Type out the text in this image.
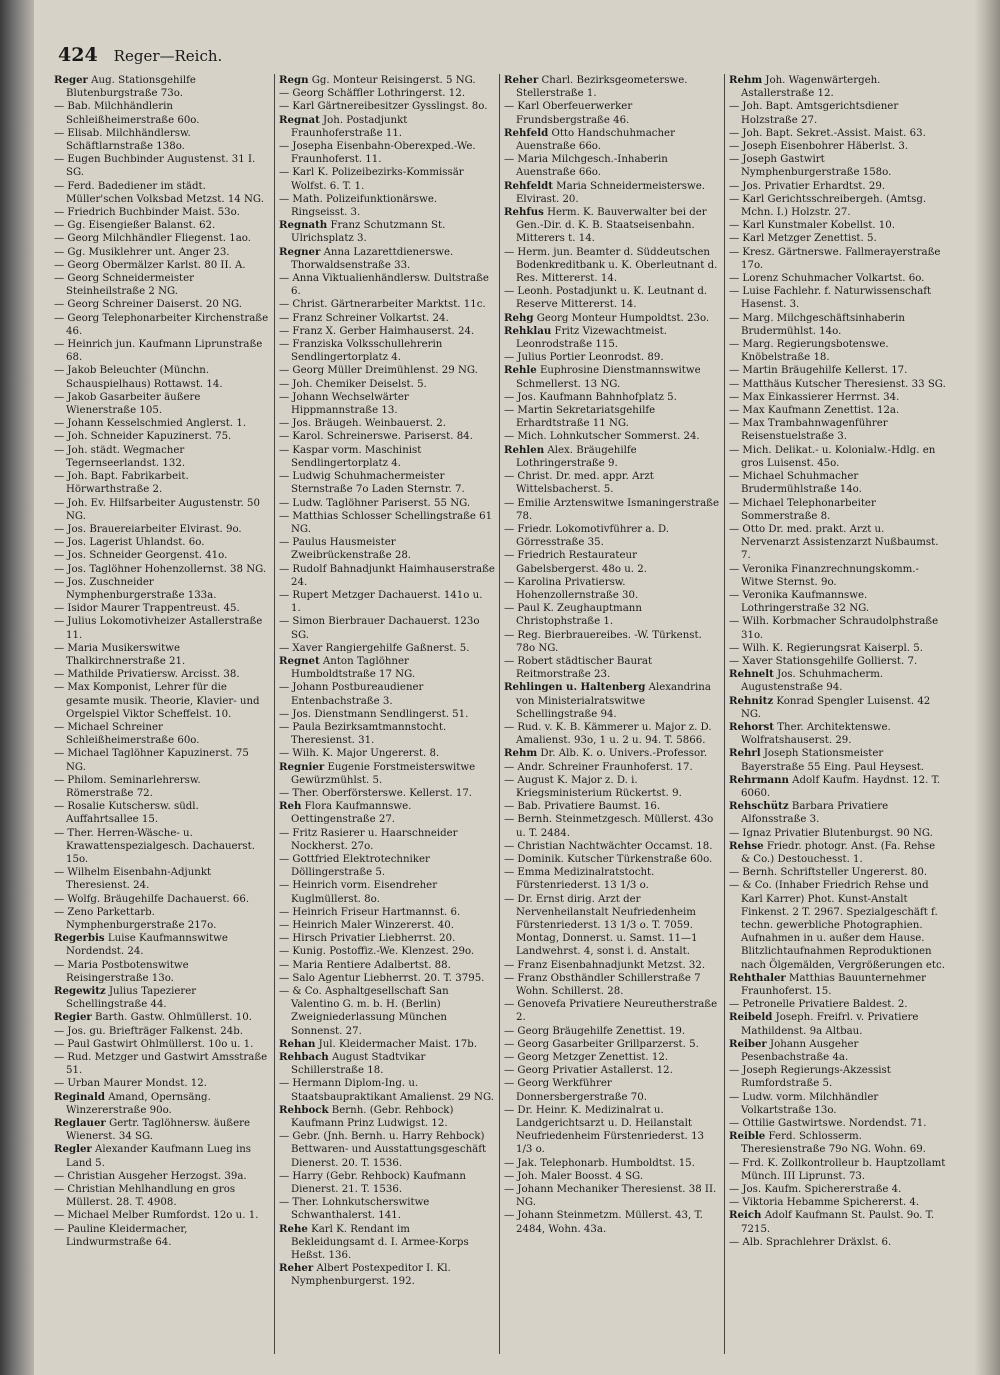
424 Reger—Reich.

Reger Aug. Stationsgehilfe Blutenburgstraße 73o.

— Bab. Milchhändlerin Schleißheimerstraße 60o.

— Elisab. Milchhändlersw. Schäftlarnstraße 138o.

— Eugen Buchbinder Augustenst. 31 I. SG.

— Ferd. Badediener im städt. Müller'schen Volksbad Metzst. 14 NG.

— Friedrich Buchbinder Maist. 53o.

— Gg. Eisengießer Balanst. 62.

— Georg Milchhändler Fliegenst. 1ao.

— Gg. Musiklehrer unt. Anger 23.

— Georg Obermälzer Karlst. 80 II. A.

— Georg Schneidermeister Steinheilstraße 2 NG.

— Georg Schreiner Daiserst. 20 NG.

— Georg Telephonarbeiter Kirchenstraße 46.

— Heinrich jun. Kaufmann Liprunstraße 68.

— Jakob Beleuchter (Münchn. Schauspielhaus) Rottawst. 14.

— Jakob Gasarbeiter äußere Wienerstraße 105.

— Johann Kesselschmied Anglerst. 1.

— Joh. Schneider Kapuzinerst. 75.

— Joh. städt. Wegmacher Tegernseerlandst. 132.

— Joh. Bapt. Fabrikarbeit. Hörwarthstraße 2.

— Joh. Ev. Hilfsarbeiter Augustenstr. 50 NG.

— Jos. Brauereiarbeiter Elvirast. 9o.

— Jos. Lagerist Uhlandst. 6o.

— Jos. Schneider Georgenst. 41o.

— Jos. Taglöhner Hohenzollernst. 38 NG.

— Jos. Zuschneider Nymphenburgerstraße 133a.

— Isidor Maurer Trappentreust. 45.

— Julius Lokomotivheizer Astallerstraße 11.

— Maria Musikerswitwe Thalkirchnerstraße 21.

— Mathilde Privatiersw. Arcisst. 38.

— Max Komponist, Lehrer für die gesamte musik. Theorie, Klavier- und Orgelspiel Viktor Scheffelst. 10.

— Michael Schreiner Schleißheimerstraße 60o.

— Michael Taglöhner Kapuzinerst. 75 NG.

— Philom. Seminarlehrersw. Römerstraße 72.

— Rosalie Kutschersw. südl. Auffahrtsallee 15.

— Ther. Herren-Wäsche- u. Krawattenspezialgesch. Dachauerst. 15o.

— Wilhelm Eisenbahn-Adjunkt Theresienst. 24.

— Wolfg. Bräugehilfe Dachauerst. 66.

— Zeno Parkettarb. Nymphenburgerstraße 217o.

Regerbis Luise Kaufmannswitwe Nordendst. 24.

— Maria Postbotenswitwe Reisingerstraße 13o.

Regewitz Julius Tapezierer Schellingstraße 44.

Regier Barth. Gastw. Ohlmüllerst. 10.

— Jos. gu. Briefträger Falkenst. 24b.

— Paul Gastwirt Ohlmüllerst. 10o u. 1.

— Rud. Metzger und Gastwirt Amsstraße 51.

— Urban Maurer Mondst. 12.

Reginald Amand, Opernsäng. Winzererstraße 90o.

Reglauer Gertr. Taglöhnersw. äußere Wienerst. 34 SG.

Regler Alexander Kaufmann Lueg ins Land 5.

— Christian Ausgeher Herzogst. 39a.

— Christian Mehlhandlung en gros Müllerst. 28. T. 4908.

— Michael Melber Rumfordst. 12o u. 1.

— Pauline Kleidermacher, Lindwurmstraße 64.

Regn Gg. Monteur Reisingerst. 5 NG.

— Georg Schäffler Lothringerst. 12.

— Karl Gärtnereibesitzer Gysslingst. 8o.

Regnat Joh. Postadjunkt Fraunhoferstraße 11.

— Josepha Eisenbahn-Oberexped.-We. Fraunhoferst. 11.

— Karl K. Polizeibezirks-Kommissär Wolfst. 6. T. 1.

— Math. Polizeifunktionärswe. Ringseisst. 3.

Regnath Franz Schutzmann St. Ulrichsplatz 3.

Regner Anna Lazarettdienerswe. Thorwaldsenstraße 33.

— Anna Viktualienhändlersw. Dultstraße 6.

— Christ. Gärtnerarbeiter Marktst. 11c.

— Franz Schreiner Volkartst. 24.

— Franz X. Gerber Haimhauserst. 24.

— Franziska Volksschullehrerin Sendlingertorplatz 4.

— Georg Müller Dreimühlenst. 29 NG.

— Joh. Chemiker Deiselst. 5.

— Johann Wechselwärter Hippmannstraße 13.

— Jos. Bräugeh. Weinbauerst. 2.

— Karol. Schreinerswe. Pariserst. 84.

— Kaspar vorm. Maschinist Sendlingertorplatz 4.

— Ludwig Schuhmachermeister Sternstraße 7o Laden Sternstr. 7.

— Ludw. Taglöhner Pariserst. 55 NG.

— Matthias Schlosser Schellingstraße 61 NG.

— Paulus Hausmeister Zweibrückenstraße 28.

— Rudolf Bahnadjunkt Haimhauserstraße 24.

— Rupert Metzger Dachauerst. 141o u. 1.

— Simon Bierbrauer Dachauerst. 123o SG.

— Xaver Rangiergehilfe Gaßnerst. 5.

Regnet Anton Taglöhner Humboldtstraße 17 NG.

— Johann Postbureaudiener Entenbachstraße 3.

— Jos. Dienstmann Sendlingerst. 51.

— Paula Bezirksamtmannstocht. Theresienst. 31.

— Wilh. K. Major Ungererst. 8.

Regnier Eugenie Forstmeisterswitwe Gewürzmühlst. 5.

— Ther. Oberförsterswe. Kellerst. 17.

Reh Flora Kaufmannswe. Oettingenstraße 27.

— Fritz Rasierer u. Haarschneider Nockherst. 27o.

— Gottfried Elektrotechniker Döllingerstraße 5.

— Heinrich vorm. Eisendreher Kuglmüllerst. 8o.

— Heinrich Friseur Hartmannst. 6.

— Heinrich Maler Winzererst. 40.

— Hirsch Privatier Liebherrst. 20.

— Kunig. Postoffiz.-We. Klenzest. 29o.

— Maria Rentiere Adalbertst. 88.

— Salo Agentur Liebherrst. 20. T. 3795.

— & Co. Asphaltgesellschaft San Valentino G. m. b. H. (Berlin) Zweigniederlassung München Sonnenst. 27.

Rehan Jul. Kleidermacher Maist. 17b.

Rehbach August Stadtvikar Schillerstraße 18.

— Hermann Diplom-Ing. u. Staatsbaupraktikant Amalienst. 29 NG.

Rehbock Bernh. (Gebr. Rehbock) Kaufmann Prinz Ludwigst. 12.

— Gebr. (Jnh. Bernh. u. Harry Rehbock) Bettwaren- und Ausstattungsgeschäft Dienerst. 20. T. 1536.

— Harry (Gebr. Rehbock) Kaufmann Dienerst. 21. T. 1536.

— Ther. Lohnkutscherswitwe Schwanthalerst. 141.

Rehe Karl K. Rendant im Bekleidungsamt d. I. Armee-Korps Heßst. 136.

Reher Albert Postexpeditor I. Kl. Nymphenburgerst. 192.

Reher Charl. Bezirksgeometerswe. Stellerstraße 1.

— Karl Oberfeuerwerker Frundsbergstraße 46.

Rehfeld Otto Handschuhmacher Auenstraße 66o.

— Maria Milchgesch.-Inhaberin Auenstraße 66o.

Rehfeldt Maria Schneidermeisterswe. Elvirast. 20.

Rehfus Herm. K. Bauverwalter bei der Gen.-Dir. d. K. B. Staatseisenbahn. Mitterers t. 14.

— Herm. jun. Beamter d. Süddeutschen Bodenkreditbank u. K. Oberleutnant d. Res. Mittererst. 14.

— Leonh. Postadjunkt u. K. Leutnant d. Reserve Mittererst. 14.

Rehg Georg Monteur Humpoldtst. 23o.

Rehklau Fritz Vizewachtmeist. Leonrodstraße 115.

— Julius Portier Leonrodst. 89.

Rehle Euphrosine Dienstmannswitwe Schmellerst. 13 NG.

— Jos. Kaufmann Bahnhofplatz 5.

— Martin Sekretariatsgehilfe Erhardtstraße 11 NG.

— Mich. Lohnkutscher Sommerst. 24.

Rehlen Alex. Bräugehilfe Lothringerstraße 9.

— Christ. Dr. med. appr. Arzt Wittelsbacherst. 5.

— Emilie Arztenswitwe Ismaningerstraße 78.

— Friedr. Lokomotivführer a. D. Görresstraße 35.

— Friedrich Restaurateur Gabelsbergerst. 48o u. 2.

— Karolina Privatiersw. Hohenzollernstraße 30.

— Paul K. Zeughauptmann Christophstraße 1.

— Reg. Bierbrauereibes. -W. Türkenst. 78o NG.

— Robert städtischer Baurat Reitmorstraße 23.

Rehlingen u. Haltenberg Alexandrina von Ministerialratswitwe Schellingstraße 94.

— Rud. v. K. B. Kämmerer u. Major z. D. Amalienst. 93o, 1 u. 2 u. 94. T. 5866.

Rehm Dr. Alb. K. o. Univers.-Professor.

— Andr. Schreiner Fraunhoferst. 17.

— August K. Major z. D. i. Kriegsministerium Rückertst. 9.

— Bab. Privatiere Baumst. 16.

— Bernh. Steinmetzgesch. Müllerst. 43o u. T. 2484.

— Christian Nachtwächter Occamst. 18.

— Dominik. Kutscher Türkenstraße 60o.

— Emma Medizinalratstocht. Fürstenriederst. 13 1/3 o.

— Dr. Ernst dirig. Arzt der Nervenheilanstalt Neufriedenheim Fürstenriederst. 13 1/3 o. T. 7059. Montag, Donnerst. u. Samst. 11—1 Landwehrst. 4, sonst i. d. Anstalt.

— Franz Eisenbahnadjunkt Metzst. 32.

— Franz Obsthändler Schillerstraße 7 Wohn. Schillerst. 28.

— Genovefa Privatiere Neureutherstraße 2.

— Georg Bräugehilfe Zenettist. 19.

— Georg Gasarbeiter Grillparzerst. 5.

— Georg Metzger Zenettist. 12.

— Georg Privatier Astallerst. 12.

— Georg Werkführer Donnersbergerstraße 70.

— Dr. Heinr. K. Medizinalrat u. Landgerichtsarzt u. D. Heilanstalt Neufriedenheim Fürstenriederst. 13 1/3 o.

— Jak. Telephonarb. Humboldtst. 15.

— Joh. Maler Boosst. 4 SG.

— Johann Mechaniker Theresienst. 38 II. NG.

— Johann Steinmetzm. Müllerst. 43, T. 2484, Wohn. 43a.

Rehm Joh. Wagenwärtergeh. Astallerstraße 12.

— Joh. Bapt. Amtsgerichtsdiener Holzstraße 27.

— Joh. Bapt. Sekret.-Assist. Maist. 63.

— Joseph Eisenbohrer Häberlst. 3.

— Joseph Gastwirt Nymphenburgerstraße 158o.

— Jos. Privatier Erhardtst. 29.

— Karl Gerichtsschreibergeh. (Amtsg. Mchn. I.) Holzstr. 27.

— Karl Kunstmaler Kobellst. 10.

— Karl Metzger Zenettist. 5.

— Kresz. Gärtnerswe. Fallmerayerstraße 17o.

— Lorenz Schuhmacher Volkartst. 6o.

— Luise Fachlehr. f. Naturwissenschaft Hasenst. 3.

— Marg. Milchgeschäftsinhaberin Brudermühlst. 14o.

— Marg. Regierungsbotenswe. Knöbelstraße 18.

— Martin Bräugehilfe Kellerst. 17.

— Matthäus Kutscher Theresienst. 33 SG.

— Max Einkassierer Herrnst. 34.

— Max Kaufmann Zenettist. 12a.

— Max Trambahnwagenführer Reisenstuelstraße 3.

— Mich. Delikat.- u. Kolonialw.-Hdlg. en gros Luisenst. 45o.

— Michael Schuhmacher Brudermühlstraße 14o.

— Michael Telephonarbeiter Sommerstraße 8.

— Otto Dr. med. prakt. Arzt u. Nervenarzt Assistenzarzt Nußbaumst. 7.

— Veronika Finanzrechnungskomm.-Witwe Sternst. 9o.

— Veronika Kaufmannswe. Lothringerstraße 32 NG.

— Wilh. Korbmacher Schraudolphstraße 31o.

— Wilh. K. Regierungsrat Kaiserpl. 5.

— Xaver Stationsgehilfe Gollierst. 7.

Rehnelt Jos. Schuhmacherm. Augustenstraße 94.

Rehnitz Konrad Spengler Luisenst. 42 NG.

Rehorst Ther. Architektenswe. Wolfratshauserst. 29.

Rehrl Joseph Stationsmeister Bayerstraße 55 Eing. Paul Heysest.

Rehrmann Adolf Kaufm. Haydnst. 12. T. 6060.

Rehschütz Barbara Privatiere Alfonsstraße 3.

— Ignaz Privatier Blutenburgst. 90 NG.

Rehse Friedr. photogr. Anst. (Fa. Rehse & Co.) Destouchesst. 1.

— Bernh. Schriftsteller Ungererst. 80.

— & Co. (Inhaber Friedrich Rehse und Karl Karrer) Phot. Kunst-Anstalt Finkenst. 2 T. 2967. Spezialgeschäft f. techn. gewerbliche Photographien. Aufnahmen in u. außer dem Hause. Blitzlichtaufnahmen Reproduktionen nach Ölgemälden, Vergrößerungen etc.

Rehthaler Matthias Bauunternehmer Fraunhoferst. 15.

— Petronelle Privatiere Baldest. 2.

Reibeld Joseph. Freifrl. v. Privatiere Mathildenst. 9a Altbau.

Reiber Johann Ausgeher Pesenbachstraße 4a.

— Joseph Regierungs-Akzessist Rumfordstraße 5.

— Ludw. vorm. Milchhändler Volkartstraße 13o.

— Ottilie Gastwirtswe. Nordendst. 71.

Reible Ferd. Schlosserm. Theresienstraße 79o NG. Wohn. 69.

— Frd. K. Zollkontrolleur b. Hauptzollamt Münch. III Liprunst. 73.

— Jos. Kaufm. Spichererstraße 4.

— Viktoria Hebamme Spichererst. 4.

Reich Adolf Kaufmann St. Paulst. 9o. T. 7215.

— Alb. Sprachlehrer Dräxlst. 6.
